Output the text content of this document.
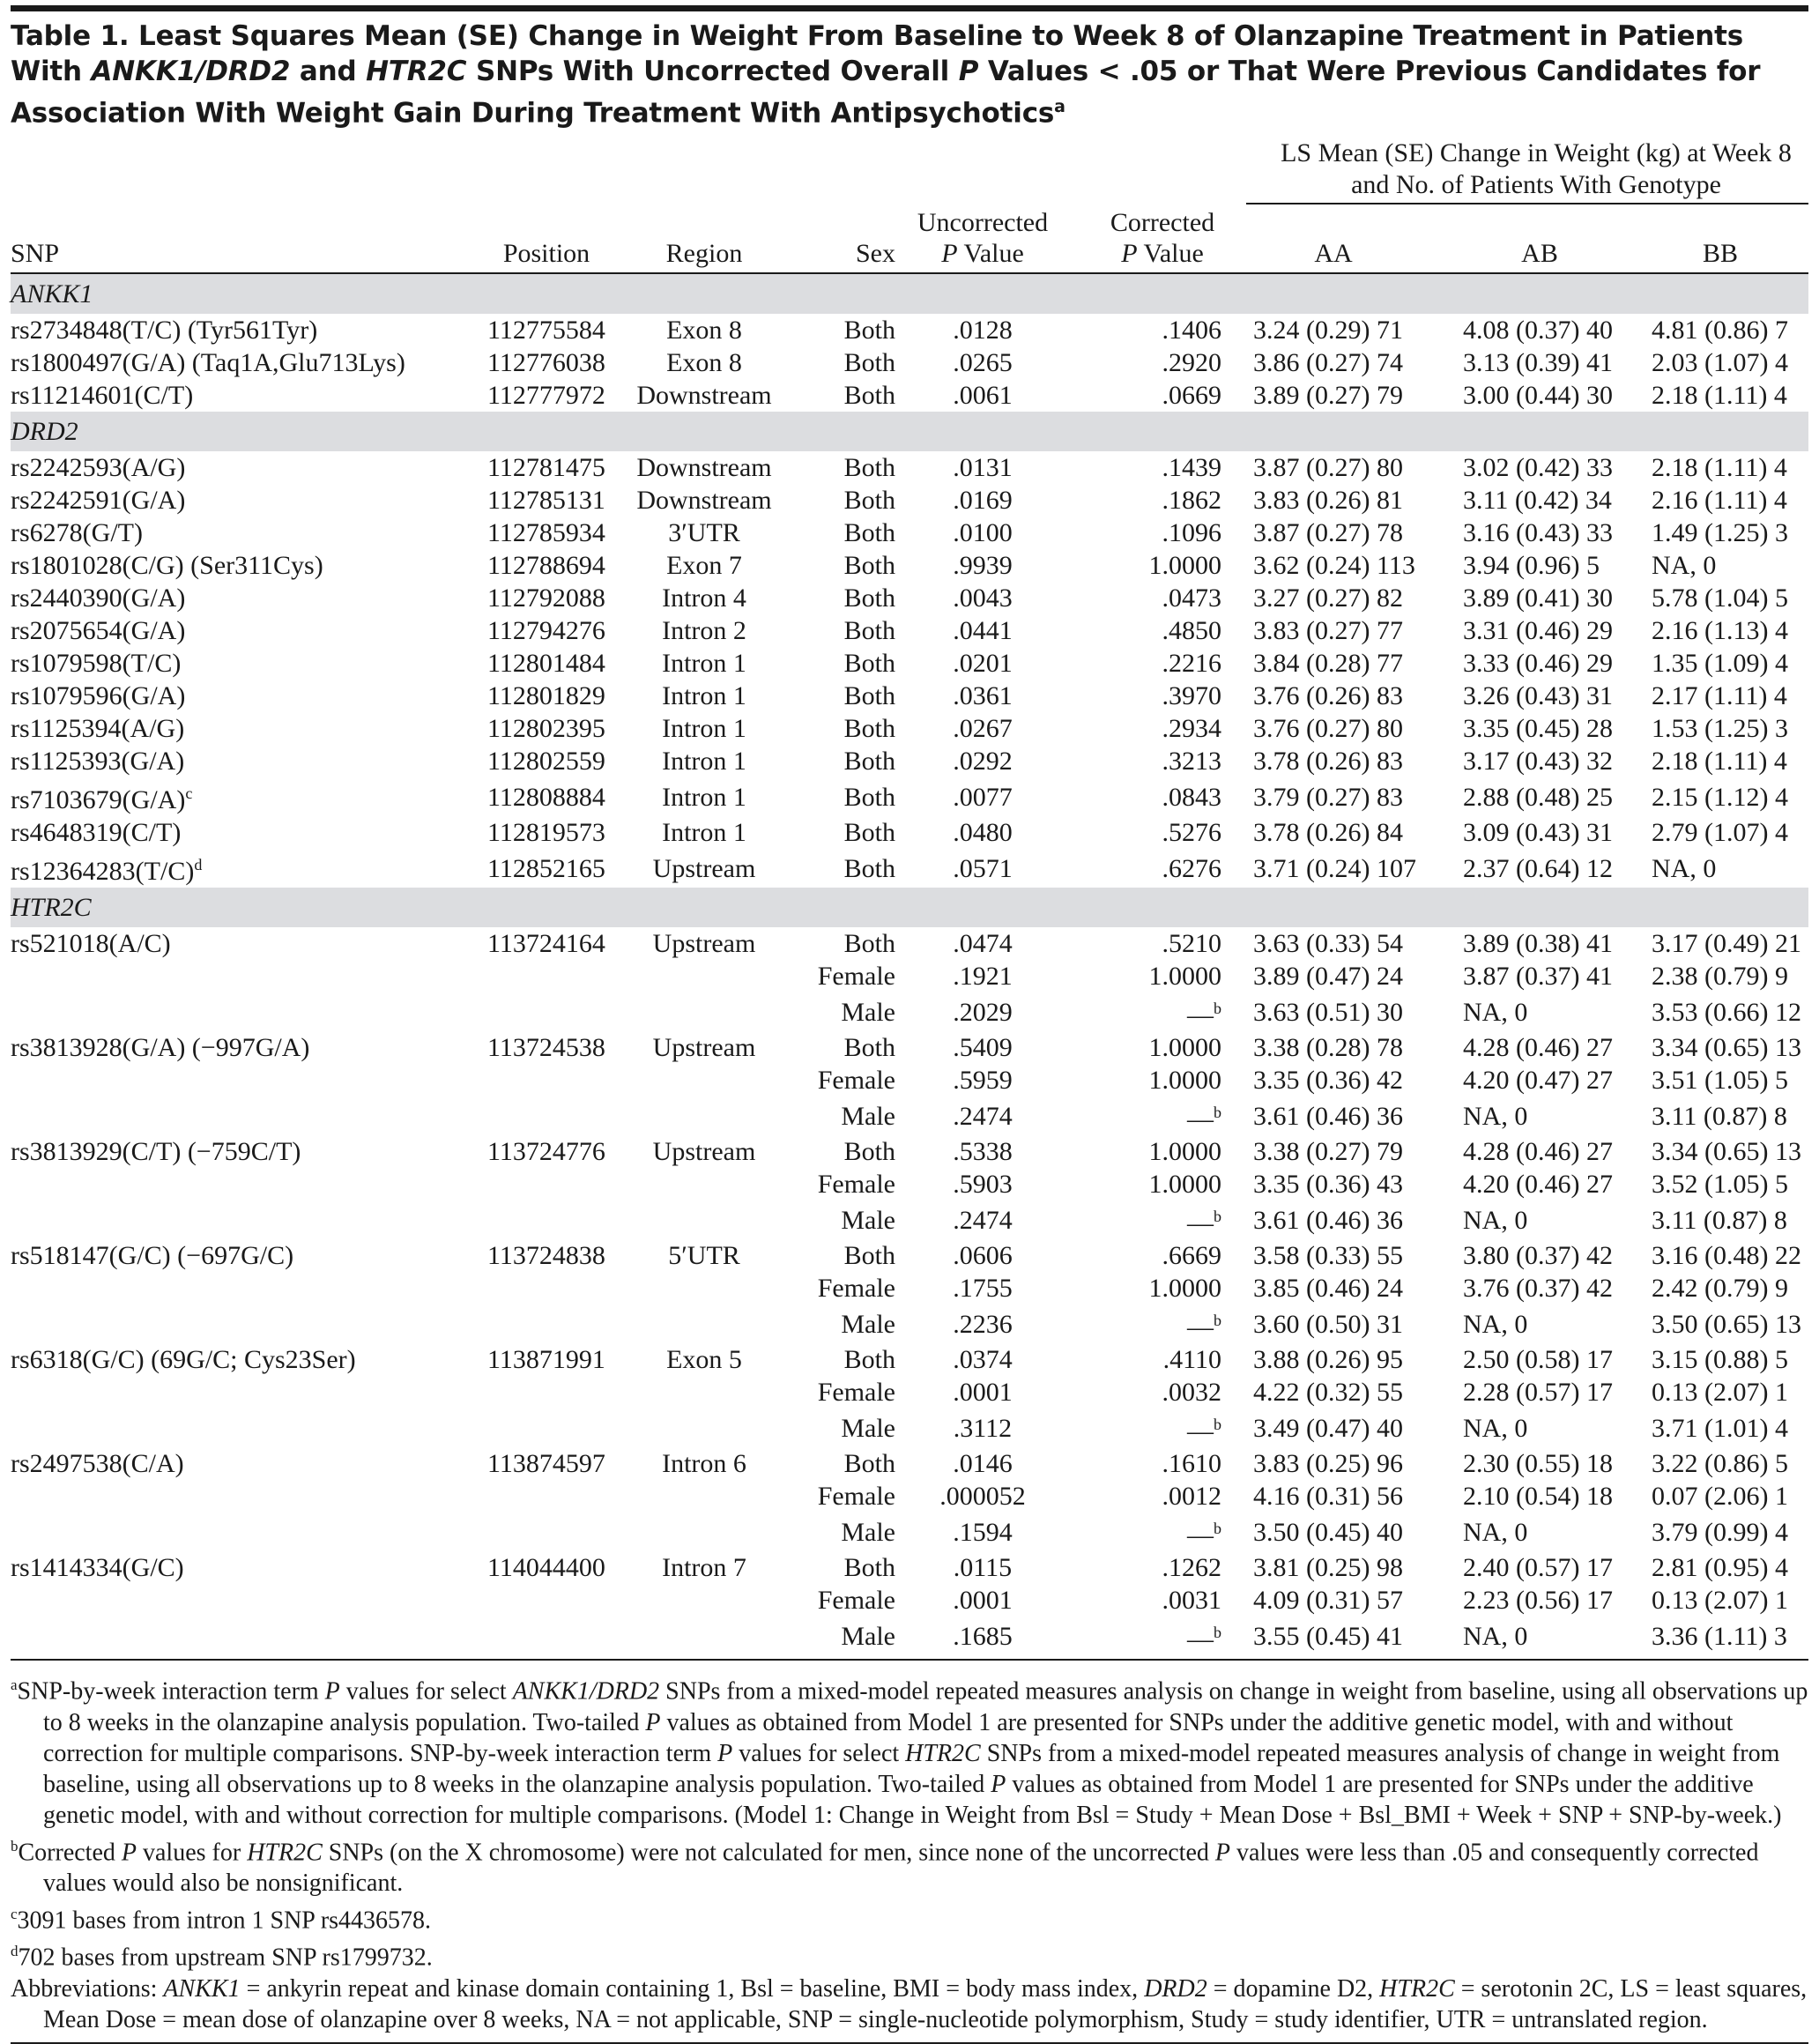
Table 1. Least Squares Mean (SE) Change in Weight From Baseline to Week 8 of Olanzapine Treatment in Patients With ANKK1/DRD2 and HTR2C SNPs With Uncorrected Overall P Values < .05 or That Were Previous Candidates for Association With Weight Gain During Treatment With Antipsychotics$^a$
						LS Mean (SE) Change in Weight (kg) at Week 8 and No. of Patients With Genotype		
				Uncorrected	Corrected			
SNP	Position	Region	Sex	P Value	P Value	AA	AB	BB
ANKK1								
rs2734848(T/C) (Tyr561Tyr)	112775584	Exon 8	Both	.0128	.1406	3.24 (0.29) 71	4.08 (0.37) 40	4.81 (0.86) 7
rs1800497(G/A) (Taq1A,Glu713Lys)	112776038	Exon 8	Both	.0265	.2920	3.86 (0.27) 74	3.13 (0.39) 41	2.03 (1.07) 4
rs11214601(C/T)	112777972	Downstream	Both	.0061	.0669	3.89 (0.27) 79	3.00 (0.44) 30	2.18 (1.11) 4
DRD2								
rs2242593(A/G)	112781475	Downstream	Both	.0131	.1439	3.87 (0.27) 80	3.02 (0.42) 33	2.18 (1.11) 4
rs2242591(G/A)	112785131	Downstream	Both	.0169	.1862	3.83 (0.26) 81	3.11 (0.42) 34	2.16 (1.11) 4
rs6278(G/T)	112785934	3′UTR	Both	.0100	.1096	3.87 (0.27) 78	3.16 (0.43) 33	1.49 (1.25) 3
rs1801028(C/G) (Ser311Cys)	112788694	Exon 7	Both	.9939	1.0000	3.62 (0.24) 113	3.94 (0.96) 5	NA, 0
rs2440390(G/A)	112792088	Intron 4	Both	.0043	.0473	3.27 (0.27) 82	3.89 (0.41) 30	5.78 (1.04) 5
rs2075654(G/A)	112794276	Intron 2	Both	.0441	.4850	3.83 (0.27) 77	3.31 (0.46) 29	2.16 (1.13) 4
rs1079598(T/C)	112801484	Intron 1	Both	.0201	.2216	3.84 (0.28) 77	3.33 (0.46) 29	1.35 (1.09) 4
rs1079596(G/A)	112801829	Intron 1	Both	.0361	.3970	3.76 (0.26) 83	3.26 (0.43) 31	2.17 (1.11) 4
rs1125394(A/G)	112802395	Intron 1	Both	.0267	.2934	3.76 (0.27) 80	3.35 (0.45) 28	1.53 (1.25) 3
rs1125393(G/A)	112802559	Intron 1	Both	.0292	.3213	3.78 (0.26) 83	3.17 (0.43) 32	2.18 (1.11) 4
rs7103679(G/A)$^c$	112808884	Intron 1	Both	.0077	.0843	3.79 (0.27) 83	2.88 (0.48) 25	2.15 (1.12) 4
rs4648319(C/T)	112819573	Intron 1	Both	.0480	.5276	3.78 (0.26) 84	3.09 (0.43) 31	2.79 (1.07) 4
rs12364283(T/C)$^d$	112852165	Upstream	Both	.0571	.6276	3.71 (0.24) 107	2.37 (0.64) 12	NA, 0
HTR2C								
rs521018(A/C)	113724164	Upstream	Both	.0474	.5210	3.63 (0.33) 54	3.89 (0.38) 41	3.17 (0.49) 21
			Female	.1921	1.0000	3.89 (0.47) 24	3.87 (0.37) 41	2.38 (0.79) 9
			Male	.2029	—$^b$	3.63 (0.51) 30	NA, 0	3.53 (0.66) 12
rs3813928(G/A) (−997G/A)	113724538	Upstream	Both	.5409	1.0000	3.38 (0.28) 78	4.28 (0.46) 27	3.34 (0.65) 13
			Female	.5959	1.0000	3.35 (0.36) 42	4.20 (0.47) 27	3.51 (1.05) 5
			Male	.2474	—$^b$	3.61 (0.46) 36	NA, 0	3.11 (0.87) 8
rs3813929(C/T) (−759C/T)	113724776	Upstream	Both	.5338	1.0000	3.38 (0.27) 79	4.28 (0.46) 27	3.34 (0.65) 13
			Female	.5903	1.0000	3.35 (0.36) 43	4.20 (0.46) 27	3.52 (1.05) 5
			Male	.2474	—$^b$	3.61 (0.46) 36	NA, 0	3.11 (0.87) 8
rs518147(G/C) (−697G/C)	113724838	5′UTR	Both	.0606	.6669	3.58 (0.33) 55	3.80 (0.37) 42	3.16 (0.48) 22
			Female	.1755	1.0000	3.85 (0.46) 24	3.76 (0.37) 42	2.42 (0.79) 9
			Male	.2236	—$^b$	3.60 (0.50) 31	NA, 0	3.50 (0.65) 13
rs6318(G/C) (69G/C; Cys23Ser)	113871991	Exon 5	Both	.0374	.4110	3.88 (0.26) 95	2.50 (0.58) 17	3.15 (0.88) 5
			Female	.0001	.0032	4.22 (0.32) 55	2.28 (0.57) 17	0.13 (2.07) 1
			Male	.3112	—$^b$	3.49 (0.47) 40	NA, 0	3.71 (1.01) 4
rs2497538(C/A)	113874597	Intron 6	Both	.0146	.1610	3.83 (0.25) 96	2.30 (0.55) 18	3.22 (0.86) 5
			Female	.000052	.0012	4.16 (0.31) 56	2.10 (0.54) 18	0.07 (2.06) 1
			Male	.1594	—$^b$	3.50 (0.45) 40	NA, 0	3.79 (0.99) 4
rs1414334(G/C)	114044400	Intron 7	Both	.0115	.1262	3.81 (0.25) 98	2.40 (0.57) 17	2.81 (0.95) 4
			Female	.0001	.0031	4.09 (0.31) 57	2.23 (0.56) 17	0.13 (2.07) 1
			Male	.1685	—$^b$	3.55 (0.45) 41	NA, 0	3.36 (1.11) 3

$^a$SNP-by-week interaction term P values for select ANKK1/DRD2 SNPs from a mixed-model repeated measures analysis on change in weight from baseline, using all observations up to 8 weeks in the olanzapine analysis population. Two-tailed P values as obtained from Model 1 are presented for SNPs under the additive genetic model, with and without correction for multiple comparisons. SNP-by-week interaction term P values for select HTR2C SNPs from a mixed-model repeated measures analysis of change in weight from baseline, using all observations up to 8 weeks in the olanzapine analysis population. Two-tailed P values as obtained from Model 1 are presented for SNPs under the additive genetic model, with and without correction for multiple comparisons. (Model 1: Change in Weight from Bsl = Study + Mean Dose + Bsl_BMI + Week + SNP + SNP-by-week.)

$^b$Corrected P values for HTR2C SNPs (on the X chromosome) were not calculated for men, since none of the uncorrected P values were less than .05 and consequently corrected values would also be nonsignificant.

$^c$3091 bases from intron 1 SNP rs4436578.

$^d$702 bases from upstream SNP rs1799732.

Abbreviations: ANKK1 = ankyrin repeat and kinase domain containing 1, Bsl = baseline, BMI = body mass index, DRD2 = dopamine D2, HTR2C = serotonin 2C, LS = least squares, Mean Dose = mean dose of olanzapine over 8 weeks, NA = not applicable, SNP = single-nucleotide polymorphism, Study = study identifier, UTR = untranslated region.
